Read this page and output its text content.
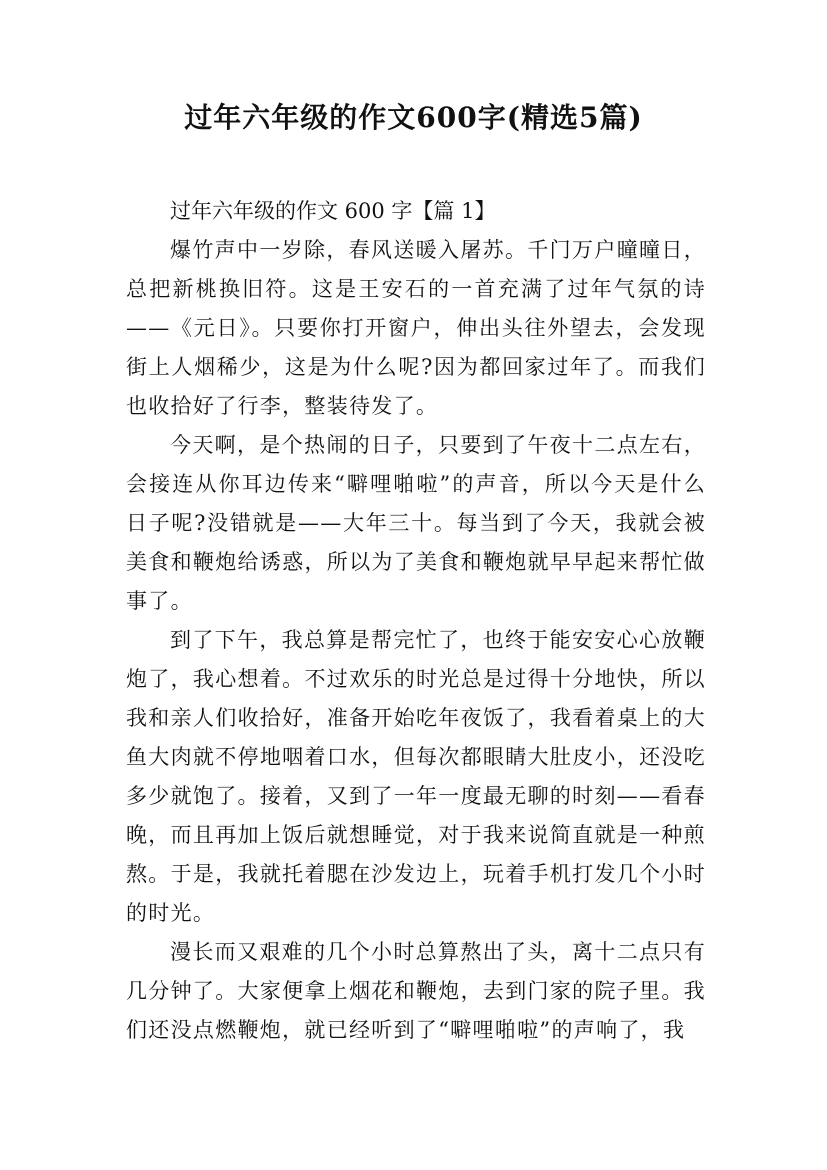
过年六年级的作文600字(精选5篇)
过年六年级的作文 600 字【篇 1】

爆竹声中一岁除，春风送暖入屠苏。千门万户曈曈日，总把新桃换旧符。这是王安石的一首充满了过年气氛的诗——《元日》。只要你打开窗户，伸出头往外望去，会发现街上人烟稀少，这是为什么呢?因为都回家过年了。而我们也收拾好了行李，整装待发了。

今天啊，是个热闹的日子，只要到了午夜十二点左右，会接连从你耳边传来“噼哩啪啦”的声音，所以今天是什么日子呢?没错就是——大年三十。每当到了今天，我就会被美食和鞭炮给诱惑，所以为了美食和鞭炮就早早起来帮忙做事了。

到了下午，我总算是帮完忙了，也终于能安安心心放鞭炮了，我心想着。不过欢乐的时光总是过得十分地快，所以我和亲人们收拾好，准备开始吃年夜饭了，我看着桌上的大鱼大肉就不停地咽着口水，但每次都眼睛大肚皮小，还没吃多少就饱了。接着，又到了一年一度最无聊的时刻——看春晚，而且再加上饭后就想睡觉，对于我来说简直就是一种煎熬。于是，我就托着腮在沙发边上，玩着手机打发几个小时的时光。

漫长而又艰难的几个小时总算熬出了头，离十二点只有几分钟了。大家便拿上烟花和鞭炮，去到门家的院子里。我们还没点燃鞭炮，就已经听到了“噼哩啪啦”的声响了，我
